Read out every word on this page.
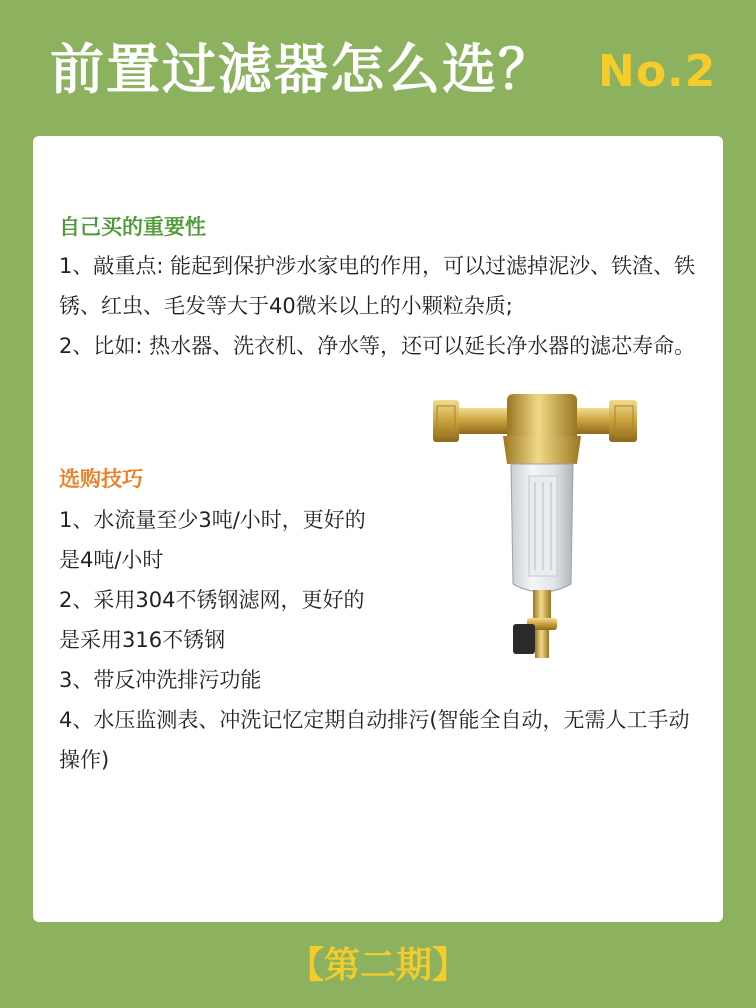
前置过滤器怎么选？ No.2
自己买的重要性
1、敲重点: 能起到保护涉水家电的作用，可以过滤掉泥沙、铁渣、铁锈、红虫、毛发等大于40微米以上的小颗粒杂质;
2、比如: 热水器、洗衣机、净水等，还可以延长净水器的滤芯寿命。
选购技巧
1、水流量至少3吨/小时，更好的是4吨/小时
2、采用304不锈钢滤网，更好的是采用316不锈钢
3、带反冲洗排污功能
4、水压监测表、冲洗记忆定期自动排污(智能全自动，无需人工手动操作)
【第二期】
